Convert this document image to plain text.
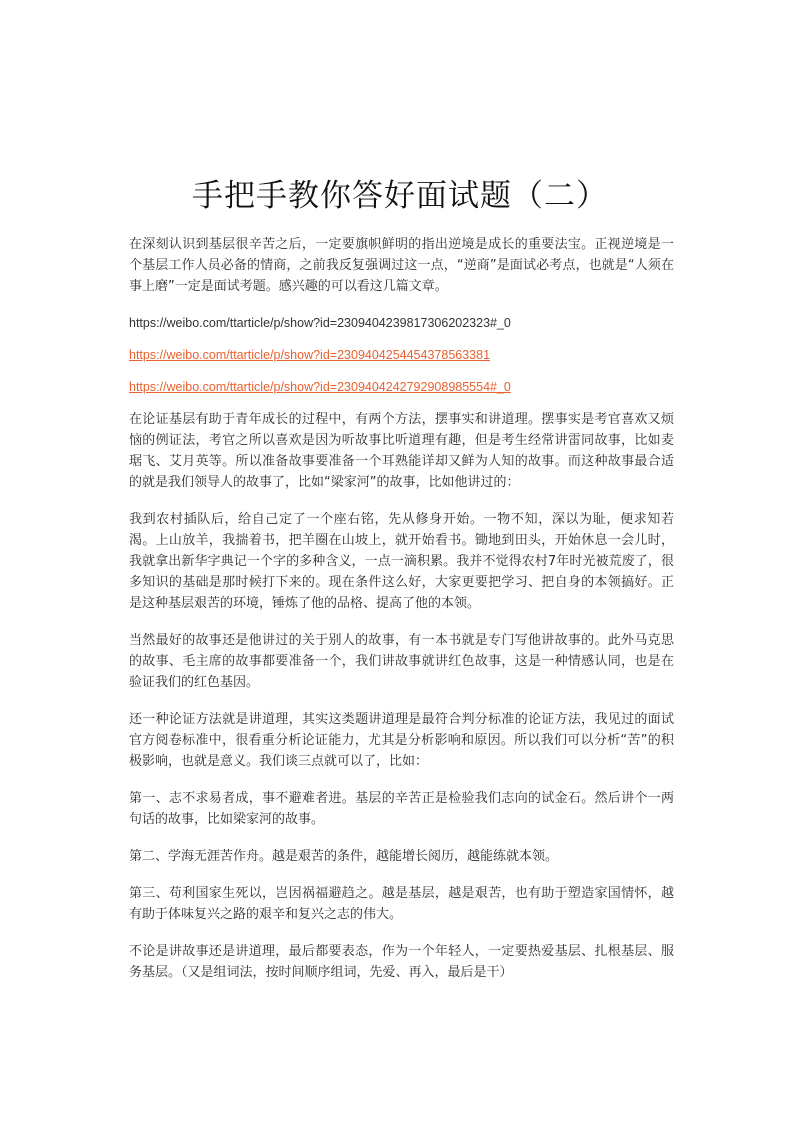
手把手教你答好面试题（二）

在深刻认识到基层很辛苦之后，一定要旗帜鲜明的指出逆境是成长的重要法宝。正视逆境是一个基层工作人员必备的情商，之前我反复强调过这一点，“逆商”是面试必考点，也就是“人须在事上磨”一定是面试考题。感兴趣的可以看这几篇文章。

https://weibo.com/ttarticle/p/show?id=2309404239817306202323#_0

https://weibo.com/ttarticle/p/show?id=2309404254454378563381
https://weibo.com/ttarticle/p/show?id=2309404242792908985554#_0

在论证基层有助于青年成长的过程中，有两个方法，摆事实和讲道理。摆事实是考官喜欢又烦恼的例证法，考官之所以喜欢是因为听故事比听道理有趣，但是考生经常讲雷同故事，比如麦琚飞、艾月英等。所以准备故事要准备一个耳熟能详却又鲜为人知的故事。而这种故事最合适的就是我们领导人的故事了，比如“梁家河”的故事，比如他讲过的：

我到农村插队后，给自己定了一个座右铭，先从修身开始。一物不知，深以为耻，便求知若渴。上山放羊，我揣着书，把羊圈在山坡上，就开始看书。锄地到田头，开始休息一会儿时，我就拿出新华字典记一个字的多种含义，一点一滴积累。我并不觉得农村7年时光被荒废了，很多知识的基础是那时候打下来的。现在条件这么好，大家更要把学习、把自身的本领搞好。正是这种基层艰苦的环境，锤炼了他的品格、提高了他的本领。

当然最好的故事还是他讲过的关于别人的故事，有一本书就是专门写他讲故事的。此外马克思的故事、毛主席的故事都要准备一个，我们讲故事就讲红色故事，这是一种情感认同，也是在验证我们的红色基因。

还一种论证方法就是讲道理，其实这类题讲道理是最符合判分标准的论证方法，我见过的面试官方阅卷标准中，很看重分析论证能力，尤其是分析影响和原因。所以我们可以分析“苦”的积极影响，也就是意义。我们谈三点就可以了，比如：

第一、志不求易者成，事不避难者进。基层的辛苦正是检验我们志向的试金石。然后讲个一两句话的故事，比如梁家河的故事。

第二、学海无涯苦作舟。越是艰苦的条件，越能增长阅历，越能练就本领。

第三、苟利国家生死以，岂因祸福避趋之。越是基层，越是艰苦，也有助于塑造家国情怀，越有助于体味复兴之路的艰辛和复兴之志的伟大。

不论是讲故事还是讲道理，最后都要表态，作为一个年轻人，一定要热爱基层、扎根基层、服务基层。（又是组词法，按时间顺序组词，先爱、再入，最后是干）
